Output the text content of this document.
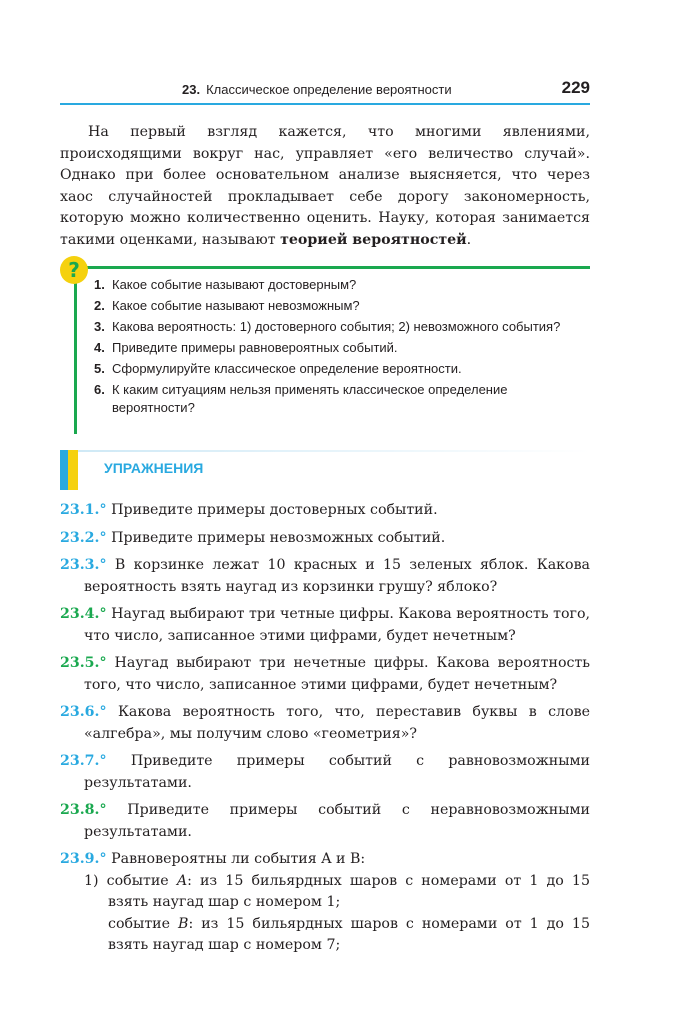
23. Классическое определение вероятности	229
На первый взгляд кажется, что многими явлениями, происходящими вокруг нас, управляет «его величество случай». Однако при более основательном анализе выясняется, что через хаос случайностей прокладывает себе дорогу закономерность, которую можно количественно оценить. Науку, которая занимается такими оценками, называют теорией вероятностей.
?
1. Какое событие называют достоверным?
2. Какое событие называют невозможным?
3. Какова вероятность: 1) достоверного события; 2) невозможного события?
4. Приведите примеры равновероятных событий.
5. Сформулируйте классическое определение вероятности.
6. К каким ситуациям нельзя применять классическое определение вероятности?
УПРАЖНЕНИЯ
23.1.° Приведите примеры достоверных событий.
23.2.° Приведите примеры невозможных событий.
23.3.° В корзинке лежат 10 красных и 15 зеленых яблок. Какова вероятность взять наугад из корзинки грушу? яблоко?
23.4.° Наугад выбирают три четные цифры. Какова вероятность того, что число, записанное этими цифрами, будет нечетным?
23.5.° Наугад выбирают три нечетные цифры. Какова вероятность того, что число, записанное этими цифрами, будет нечетным?
23.6.° Какова вероятность того, что, переставив буквы в слове «алгебра», мы получим слово «геометрия»?
23.7.° Приведите примеры событий с равновозможными результатами.
23.8.° Приведите примеры событий с неравновозможными результатами.
23.9.° Равновероятны ли события A и B:
1) событие A: из 15 бильярдных шаров с номерами от 1 до 15 взять наугад шар с номером 1;
событие B: из 15 бильярдных шаров с номерами от 1 до 15 взять наугад шар с номером 7;
